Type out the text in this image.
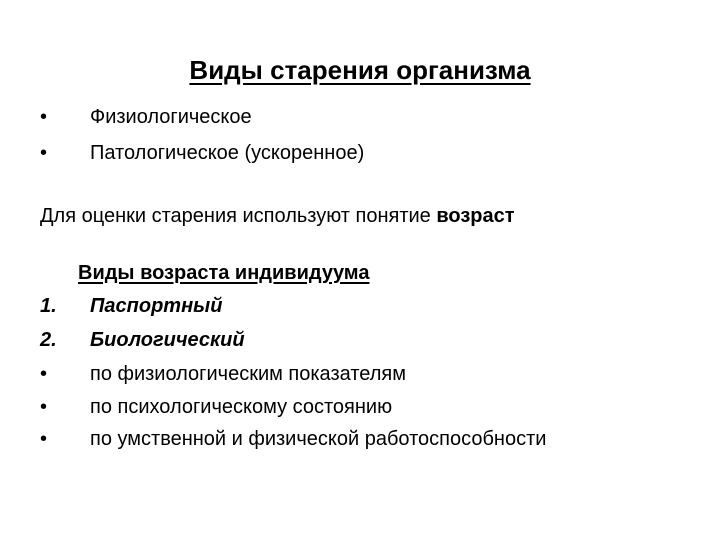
Виды старения организма
• Физиологическое
• Патологическое (ускоренное)
Для оценки старения используют понятие возраст
Виды возраста индивидуума
1. Паспортный
2. Биологический
• по физиологическим показателям
• по психологическому состоянию
• по умственной и физической работоспособности
